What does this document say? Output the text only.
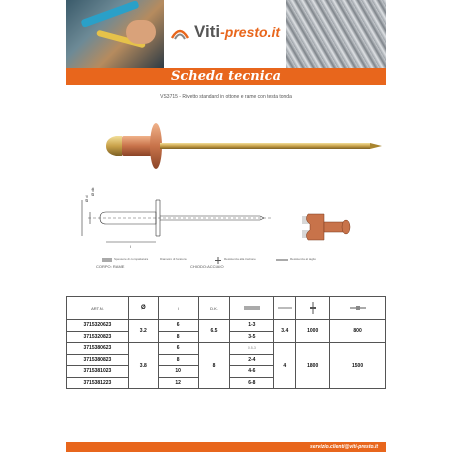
Viti-presto.it
Scheda tecnica
VS3715 - Rivetto standard in ottone e rame con testa tonda
Ø d
Ø dk
l
Spessore di compattatura	Diametro di foratura	Resistenza alla trazione	Resistenza al taglio
CORPO: RAME	CHIODO:ACCIAIO
ART.N.	Ø	l	D.K.				
3715320623	3.2	6	6.5	1-3	3.4	1000	800
3715320823		8		3-5			
3715380623	3.8	6	8	0.5-3	4	1800	1500
3715380823		8		2-4			
3715381023		10		4-6			
3715381223		12		6-8			
servizio.clienti@viti-presto.it
